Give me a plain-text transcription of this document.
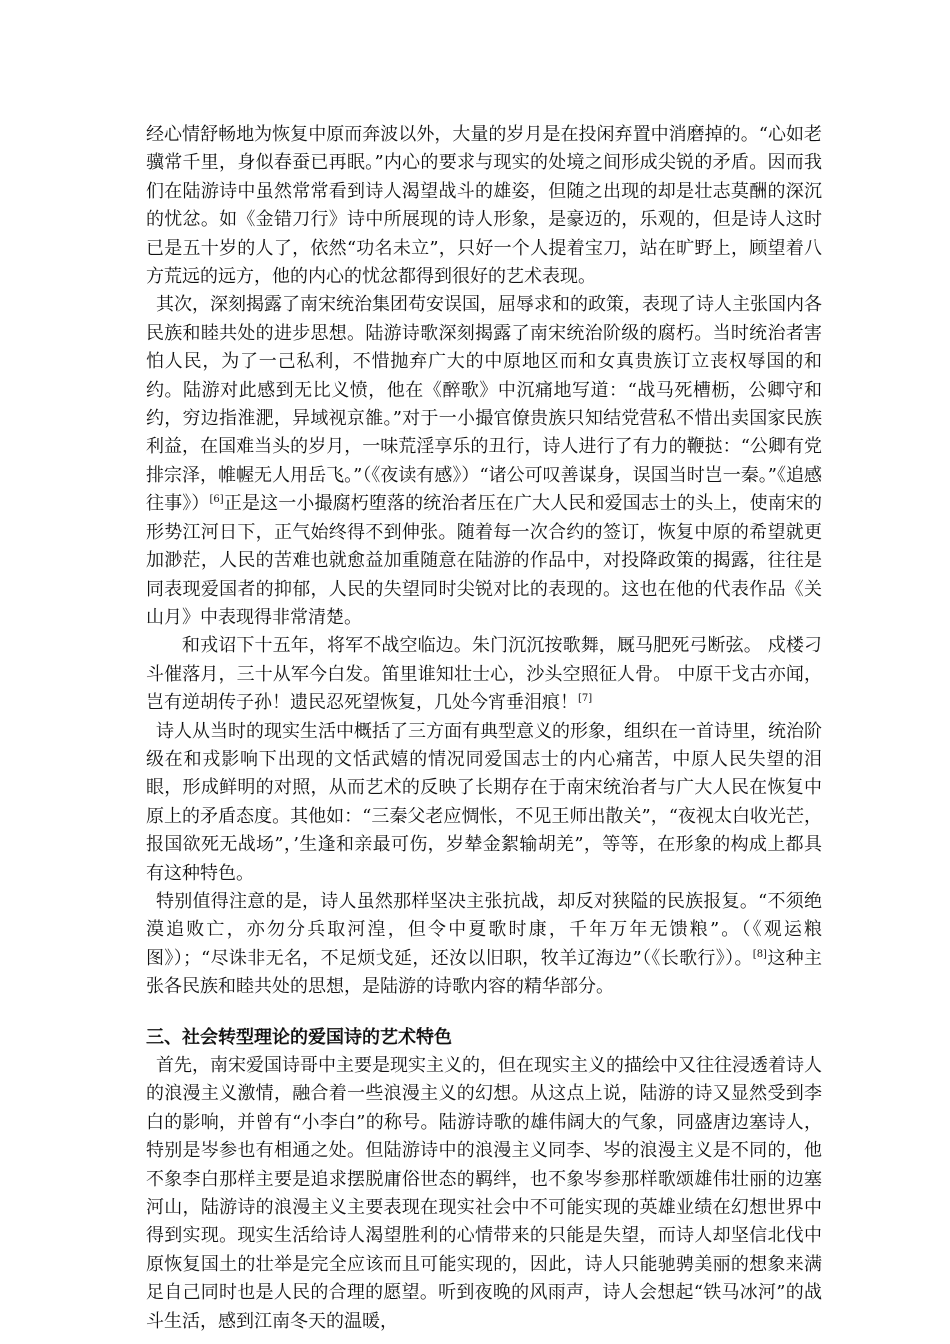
经心情舒畅地为恢复中原而奔波以外，大量的岁月是在投闲弃置中消磨掉的。“心如老骥常千里，身似春蚕已再眠。”内心的要求与现实的处境之间形成尖锐的矛盾。因而我们在陆游诗中虽然常常看到诗人渴望战斗的雄姿，但随之出现的却是壮志莫酬的深沉的忧忿。如《金错刀行》诗中所展现的诗人形象，是豪迈的，乐观的，但是诗人这时已是五十岁的人了，依然“功名未立”，只好一个人提着宝刀，站在旷野上，顾望着八方荒远的远方，他的内心的忧忿都得到很好的艺术表现。

其次，深刻揭露了南宋统治集团苟安误国，屈辱求和的政策，表现了诗人主张国内各民族和睦共处的进步思想。陆游诗歌深刻揭露了南宋统治阶级的腐朽。当时统治者害怕人民，为了一己私利，不惜抛弃广大的中原地区而和女真贵族订立丧权辱国的和约。陆游对此感到无比义愤，他在《醉歌》中沉痛地写道：“战马死槽枥，公卿守和约，穷边指淮淝，异域视京雒。”对于一小撮官僚贵族只知结党营私不惜出卖国家民族利益，在国难当头的岁月，一味荒淫享乐的丑行，诗人进行了有力的鞭挞：“公卿有党排宗泽，帷幄无人用岳飞。”（《夜读有感》）“诸公可叹善谋身，误国当时岂一秦。”《追感往事》）[6]正是这一小撮腐朽堕落的统治者压在广大人民和爱国志士的头上，使南宋的形势江河日下，正气始终得不到伸张。随着每一次合约的签订，恢复中原的希望就更加渺茫，人民的苦难也就愈益加重随意在陆游的作品中，对投降政策的揭露，往往是同表现爱国者的抑郁，人民的失望同时尖锐对比的表现的。这也在他的代表作品《关山月》中表现得非常清楚。

和戎诏下十五年，将军不战空临边。朱门沉沉按歌舞，厩马肥死弓断弦。 戍楼刁斗催落月，三十从军今白发。笛里谁知壮士心，沙头空照征人骨。 中原干戈古亦闻，岂有逆胡传子孙！遗民忍死望恢复，几处今宵垂泪痕！[7]

诗人从当时的现实生活中概括了三方面有典型意义的形象，组织在一首诗里，统治阶级在和戎影响下出现的文恬武嬉的情况同爱国志士的内心痛苦，中原人民失望的泪眼，形成鲜明的对照，从而艺术的反映了长期存在于南宋统治者与广大人民在恢复中原上的矛盾态度。其他如：“三秦父老应惆怅，不见王师出散关”，“夜视太白收光芒，报国欲死无战场”，’生逢和亲最可伤，岁辇金絮输胡羌”，等等，在形象的构成上都具有这种特色。

特别值得注意的是，诗人虽然那样坚决主张抗战，却反对狭隘的民族报复。“不须绝漠追败亡，亦勿分兵取河湟，但令中夏歌时康，千年万年无馈粮”。（《观运粮图》）；“尽诛非无名，不足烦戈延，还汝以旧职，牧羊辽海边”（《长歌行》）。[8]这种主张各民族和睦共处的思想，是陆游的诗歌内容的精华部分。

三、社会转型理论的爱国诗的艺术特色

首先，南宋爱国诗哥中主要是现实主义的，但在现实主义的描绘中又往往浸透着诗人的浪漫主义激情，融合着一些浪漫主义的幻想。从这点上说，陆游的诗又显然受到李白的影响，并曾有“小李白”的称号。陆游诗歌的雄伟阔大的气象，同盛唐边塞诗人，特别是岑参也有相通之处。但陆游诗中的浪漫主义同李、岑的浪漫主义是不同的，他不象李白那样主要是追求摆脱庸俗世态的羁绊，也不象岑参那样歌颂雄伟壮丽的边塞河山，陆游诗的浪漫主义主要表现在现实社会中不可能实现的英雄业绩在幻想世界中得到实现。现实生活给诗人渴望胜利的心情带来的只能是失望，而诗人却坚信北伐中原恢复国土的壮举是完全应该而且可能实现的，因此，诗人只能驰骋美丽的想象来满足自己同时也是人民的合理的愿望。听到夜晚的风雨声，诗人会想起“铁马冰河”的战斗生活，感到江南冬天的温暖，
